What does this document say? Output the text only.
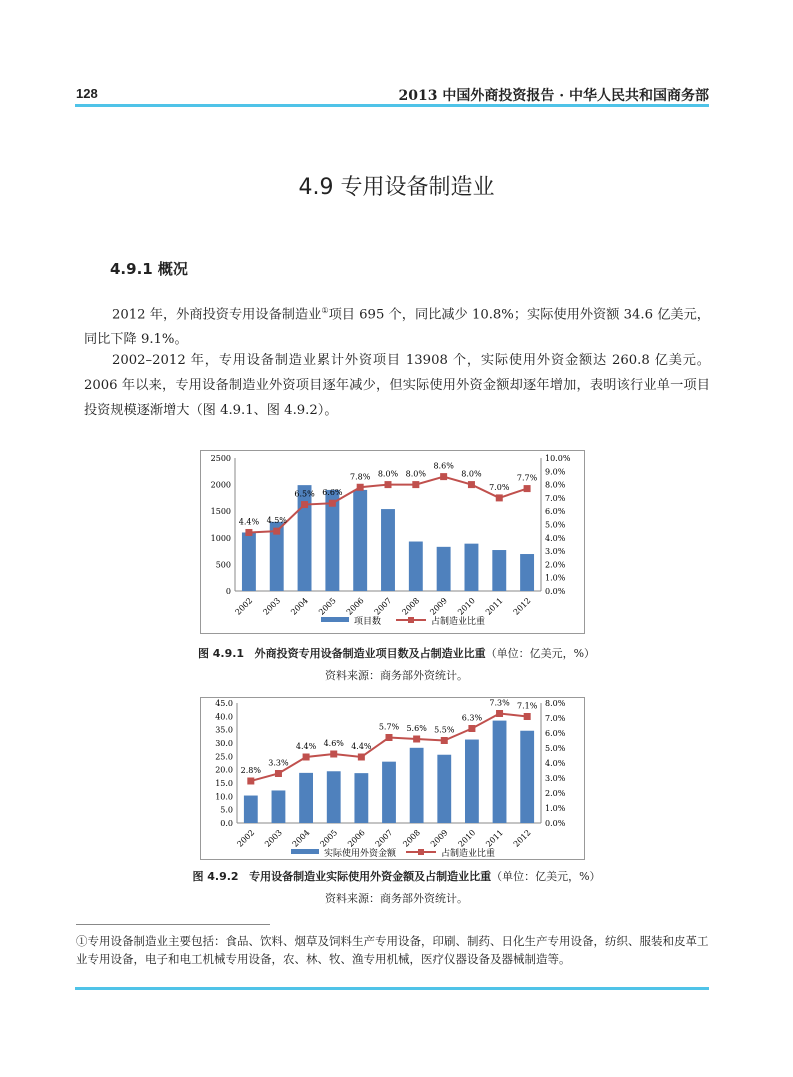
128	2013 中国外商投资报告 · 中华人民共和国商务部
4.9 专用设备制造业
4.9.1 概况

2012 年，外商投资专用设备制造业①项目 695 个，同比减少 10.8%；实际使用外资额 34.6 亿美元，同比下降 9.1%。

2002–2012 年，专用设备制造业累计外资项目 13908 个，实际使用外资金额达 260.8 亿美元。2006 年以来，专用设备制造业外资项目逐年减少，但实际使用外资金额却逐年增加，表明该行业单一项目投资规模逐渐增大（图 4.9.1、图 4.9.2）。

0
500
1000
1500
2000
2500
0.0%
1.0%
2.0%
3.0%
4.0%
5.0%
6.0%
7.0%
8.0%
9.0%
10.0%
2002 2003 2004 2005 2006 2007 2008 2009 2010 2011 2012
4.4% 4.5%
6.5% 6.6%
7.8% 8.0% 8.0%
8.6%
8.0%
7.0%
7.7%
项目数	占制造业比重
图 4.9.1 外商投资专用设备制造业项目数及占制造业比重（单位：亿美元，%）
资料来源：商务部外资统计。
0.0
5.0
10.0
15.0
20.0
25.0
30.0
35.0
40.0
45.0
0.0%
1.0%
2.0%
3.0%
4.0%
5.0%
6.0%
7.0%
8.0%
2002 2003 2004 2005 2006 2007 2008 2009 2010 2011 2012
2.8%
3.3%
4.4% 4.6% 4.4%
5.7% 5.6% 5.5%
6.3%
7.3% 7.1%
实际使用外资金额	占制造业比重
图 4.9.2 专用设备制造业实际使用外资金额及占制造业比重（单位：亿美元，%）
资料来源：商务部外资统计。

①专用设备制造业主要包括：食品、饮料、烟草及饲料生产专用设备，印刷、制药、日化生产专用设备，纺织、服装和皮革工业专用设备，电子和电工机械专用设备，农、林、牧、渔专用机械，医疗仪器设备及器械制造等。
